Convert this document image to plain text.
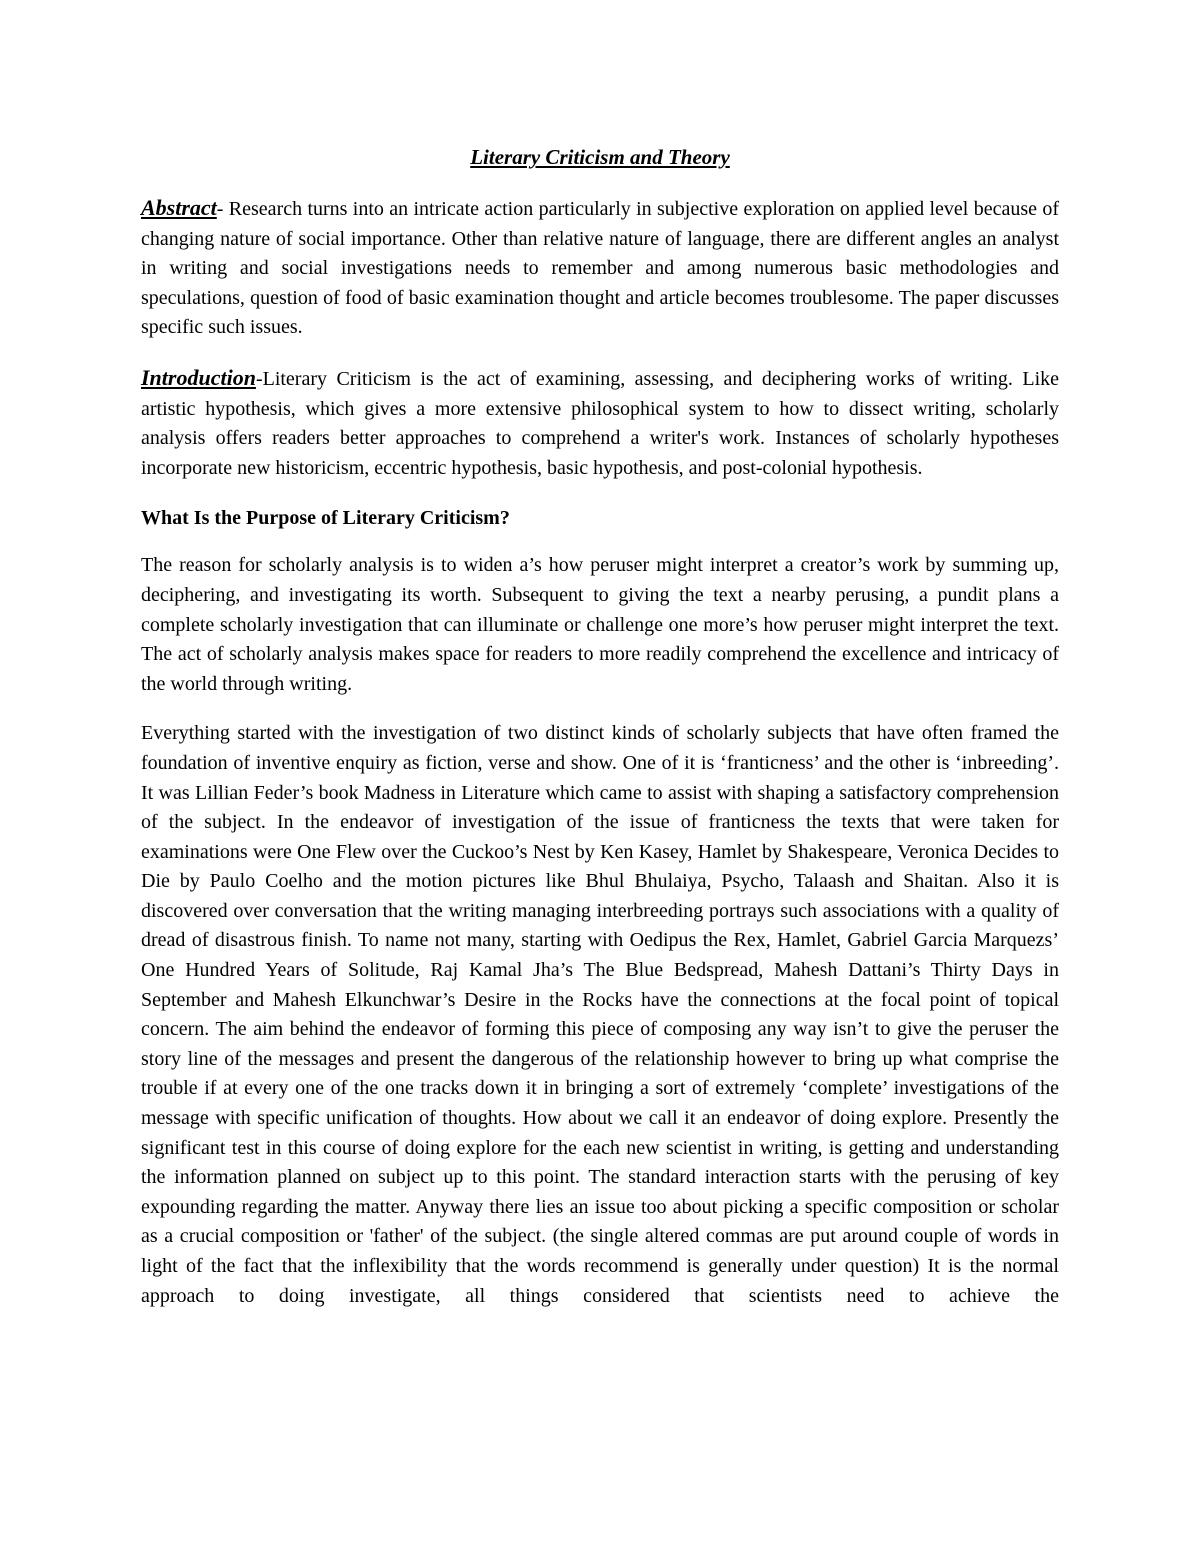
Literary Criticism and Theory

Abstract- Research turns into an intricate action particularly in subjective exploration on applied level because of changing nature of social importance. Other than relative nature of language, there are different angles an analyst in writing and social investigations needs to remember and among numerous basic methodologies and speculations, question of food of basic examination thought and article becomes troublesome. The paper discusses specific such issues.

Introduction-Literary Criticism is the act of examining, assessing, and deciphering works of writing. Like artistic hypothesis, which gives a more extensive philosophical system to how to dissect writing, scholarly analysis offers readers better approaches to comprehend a writer's work. Instances of scholarly hypotheses incorporate new historicism, eccentric hypothesis, basic hypothesis, and post-colonial hypothesis.

What Is the Purpose of Literary Criticism?

The reason for scholarly analysis is to widen a’s how peruser might interpret a creator’s work by summing up, deciphering, and investigating its worth. Subsequent to giving the text a nearby perusing, a pundit plans a complete scholarly investigation that can illuminate or challenge one more’s how peruser might interpret the text. The act of scholarly analysis makes space for readers to more readily comprehend the excellence and intricacy of the world through writing.

Everything started with the investigation of two distinct kinds of scholarly subjects that have often framed the foundation of inventive enquiry as fiction, verse and show. One of it is ‘franticness’ and the other is ‘inbreeding’. It was Lillian Feder’s book Madness in Literature which came to assist with shaping a satisfactory comprehension of the subject. In the endeavor of investigation of the issue of franticness the texts that were taken for examinations were One Flew over the Cuckoo’s Nest by Ken Kasey, Hamlet by Shakespeare, Veronica Decides to Die by Paulo Coelho and the motion pictures like Bhul Bhulaiya, Psycho, Talaash and Shaitan. Also it is discovered over conversation that the writing managing interbreeding portrays such associations with a quality of dread of disastrous finish. To name not many, starting with Oedipus the Rex, Hamlet, Gabriel Garcia Marquezs’ One Hundred Years of Solitude, Raj Kamal Jha’s The Blue Bedspread, Mahesh Dattani’s Thirty Days in September and Mahesh Elkunchwar’s Desire in the Rocks have the connections at the focal point of topical concern. The aim behind the endeavor of forming this piece of composing any way isn’t to give the peruser the story line of the messages and present the dangerous of the relationship however to bring up what comprise the trouble if at every one of the one tracks down it in bringing a sort of extremely ‘complete’ investigations of the message with specific unification of thoughts. How about we call it an endeavor of doing explore. Presently the significant test in this course of doing explore for the each new scientist in writing, is getting and understanding the information planned on subject up to this point. The standard interaction starts with the perusing of key expounding regarding the matter. Anyway there lies an issue too about picking a specific composition or scholar as a crucial composition or 'father' of the subject. (the single altered commas are put around couple of words in light of the fact that the inflexibility that the words recommend is generally under question) It is the normal approach to doing investigate, all things considered that scientists need to achieve the
